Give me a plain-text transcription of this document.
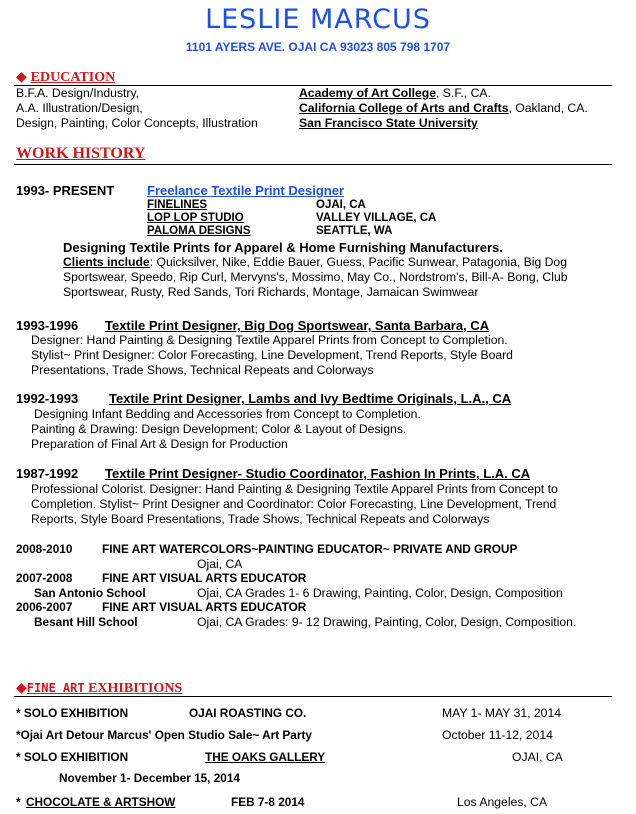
LESLIE MARCUS
1101 AYERS AVE. OJAI CA 93023 805 798 1707
◆ EDUCATION
B.F.A. Design/Industry,	Academy of Art College, S.F., CA.
A.A. Illustration/Design,	California College of Arts and Crafts, Oakland, CA.
Design, Painting, Color Concepts, Illustration	San Francisco State University
WORK HISTORY
1993- PRESENT	Freelance Textile Print Designer
FINELINES	OJAI, CA
LOP LOP STUDIO	VALLEY VILLAGE, CA
PALOMA DESIGNS	SEATTLE, WA
Designing Textile Prints for Apparel & Home Furnishing Manufacturers.
Clients include: Quicksilver, Nike, Eddie Bauer, Guess, Pacific Sunwear, Patagonia, Big Dog Sportswear, Speedo, Rip Curl, Mervyns's, Mossimo, May Co., Nordstrom's, Bill-A- Bong, Club Sportswear, Rusty, Red Sands, Tori Richards, Montage, Jamaican Swimwear
1993-1996 Textile Print Designer, Big Dog Sportswear, Santa Barbara, CA
Designer: Hand Painting & Designing Textile Apparel Prints from Concept to Completion.
Stylist~ Print Designer: Color Forecasting, Line Development, Trend Reports, Style Board
Presentations, Trade Shows, Technical Repeats and Colorways
1992-1993 Textile Print Designer, Lambs and Ivy Bedtime Originals, L.A., CA
Designing Infant Bedding and Accessories from Concept to Completion.
Painting & Drawing: Design Development; Color & Layout of Designs.
Preparation of Final Art & Design for Production
1987-1992 Textile Print Designer- Studio Coordinator, Fashion In Prints, L.A. CA
Professional Colorist. Designer: Hand Painting & Designing Textile Apparel Prints from Concept to
Completion. Stylist~ Print Designer and Coordinator: Color Forecasting, Line Development, Trend
Reports, Style Board Presentations, Trade Shows, Technical Repeats and Colorways
2008-2010	FINE ART WATERCOLORS~PAINTING EDUCATOR~ PRIVATE AND GROUP
Ojai, CA
2007-2008	FINE ART VISUAL ARTS EDUCATOR
San Antonio School	Ojai, CA Grades 1- 6 Drawing, Painting, Color, Design, Composition
2006-2007	FINE ART VISUAL ARTS EDUCATOR
Besant Hill School	Ojai, CA Grades: 9- 12 Drawing, Painting, Color, Design, Composition.
◆FINE ART EXHIBITIONS
* SOLO EXHIBITION	OJAI ROASTING CO.	MAY 1- MAY 31, 2014
*Ojai Art Detour Marcus' Open Studio Sale~ Art Party	October 11-12, 2014
* SOLO EXHIBITION	THE OAKS GALLERY	OJAI, CA
November 1- December 15, 2014
* CHOCOLATE & ARTSHOW	FEB 7-8 2014	Los Angeles, CA
